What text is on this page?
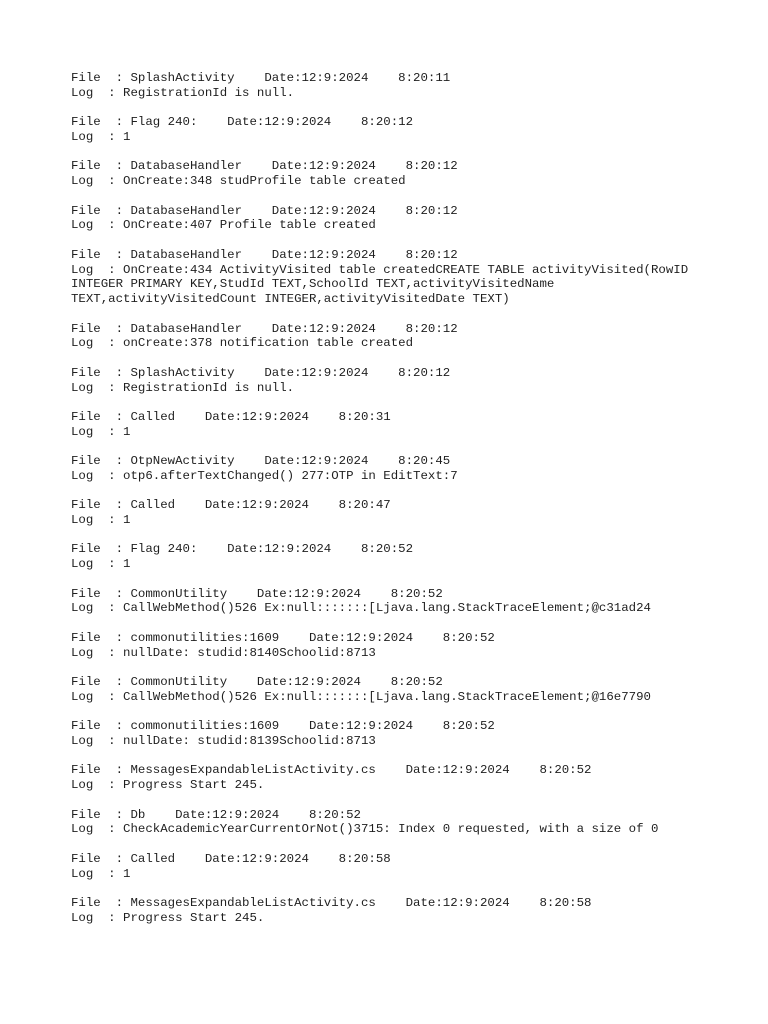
File  : SplashActivity    Date:12:9:2024    8:20:11
Log  : RegistrationId is null.
File  : Flag 240:    Date:12:9:2024    8:20:12
Log  : 1
File  : DatabaseHandler    Date:12:9:2024    8:20:12
Log  : OnCreate:348 studProfile table created
File  : DatabaseHandler    Date:12:9:2024    8:20:12
Log  : OnCreate:407 Profile table created
File  : DatabaseHandler    Date:12:9:2024    8:20:12
Log  : OnCreate:434 ActivityVisited table createdCREATE TABLE activityVisited(RowID INTEGER PRIMARY KEY,StudId TEXT,SchoolId TEXT,activityVisitedName TEXT,activityVisitedCount INTEGER,activityVisitedDate TEXT)
File  : DatabaseHandler    Date:12:9:2024    8:20:12
Log  : onCreate:378 notification table created
File  : SplashActivity    Date:12:9:2024    8:20:12
Log  : RegistrationId is null.
File  : Called    Date:12:9:2024    8:20:31
Log  : 1
File  : OtpNewActivity    Date:12:9:2024    8:20:45
Log  : otp6.afterTextChanged() 277:OTP in EditText:7
File  : Called    Date:12:9:2024    8:20:47
Log  : 1
File  : Flag 240:    Date:12:9:2024    8:20:52
Log  : 1
File  : CommonUtility    Date:12:9:2024    8:20:52
Log  : CallWebMethod()526 Ex:null:::::::[Ljava.lang.StackTraceElement;@c31ad24
File  : commonutilities:1609    Date:12:9:2024    8:20:52
Log  : nullDate: studid:8140Schoolid:8713
File  : CommonUtility    Date:12:9:2024    8:20:52
Log  : CallWebMethod()526 Ex:null:::::::[Ljava.lang.StackTraceElement;@16e7790
File  : commonutilities:1609    Date:12:9:2024    8:20:52
Log  : nullDate: studid:8139Schoolid:8713
File  : MessagesExpandableListActivity.cs    Date:12:9:2024    8:20:52
Log  : Progress Start 245.
File  : Db    Date:12:9:2024    8:20:52
Log  : CheckAcademicYearCurrentOrNot()3715: Index 0 requested, with a size of 0
File  : Called    Date:12:9:2024    8:20:58
Log  : 1
File  : MessagesExpandableListActivity.cs    Date:12:9:2024    8:20:58
Log  : Progress Start 245.
